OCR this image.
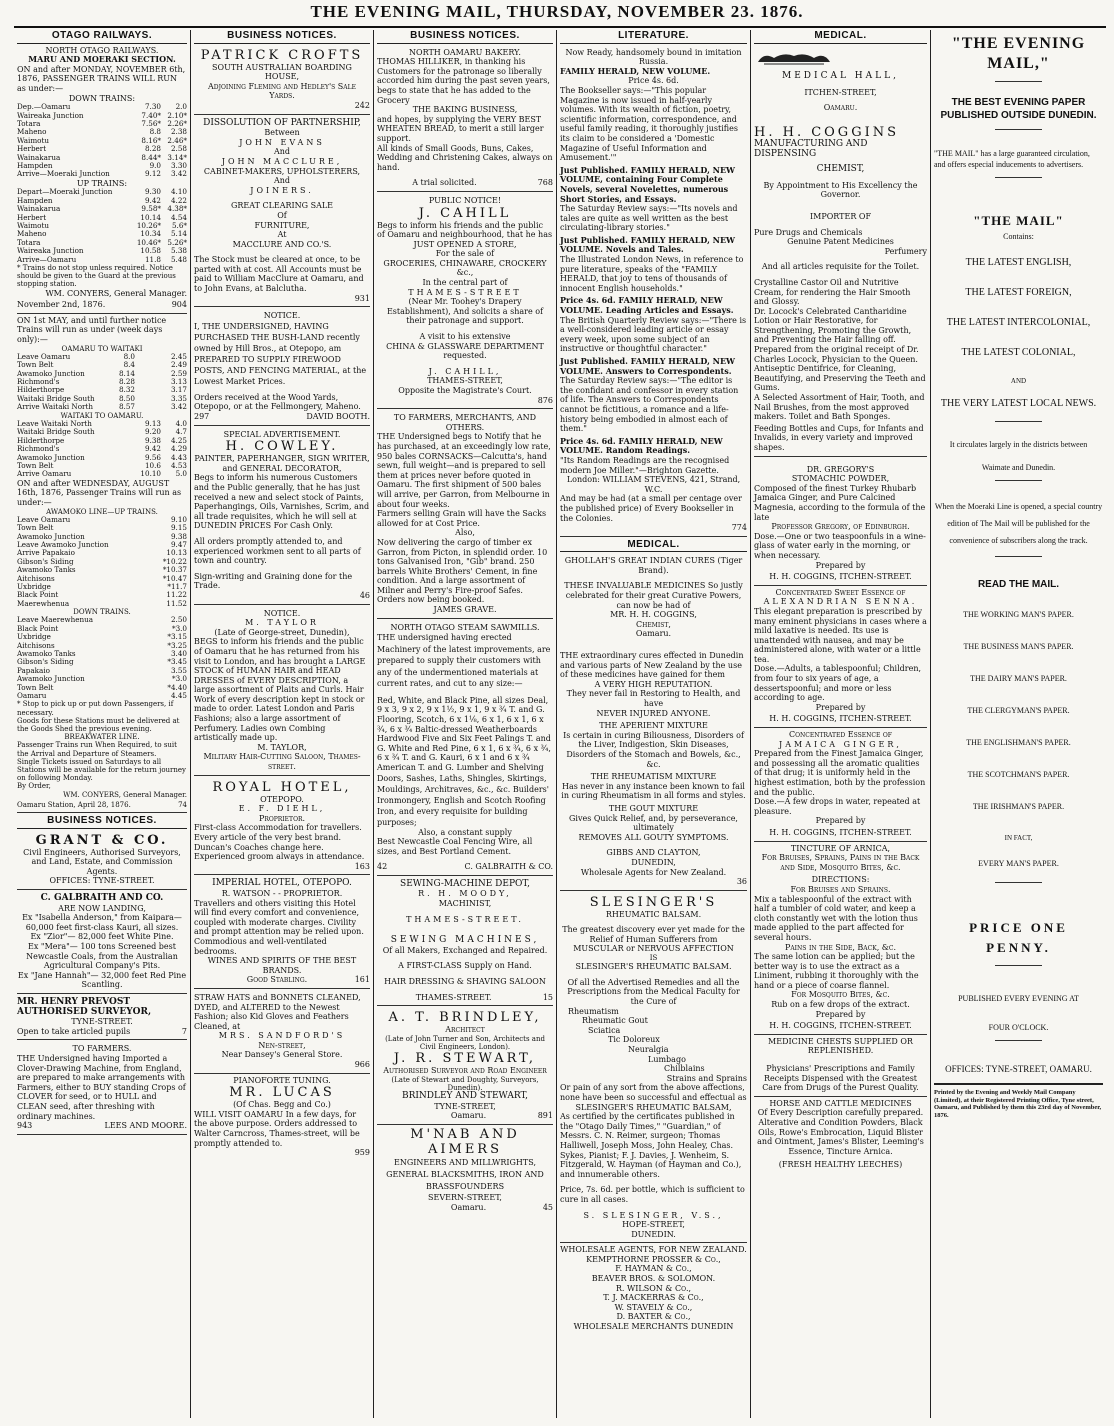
THE EVENING MAIL, THURSDAY, NOVEMBER 23. 1876.
OTAGO RAILWAYS.
NORTH OTAGO RAILWAYS.
MARU AND MOERAKI SECTION.
ON and after MONDAY, NOVEMBER 6th, 1876, PASSENGER TRAINS WILL RUN as under:—
DOWN TRAINS:
Dep.—Oamaru	7.30	2.0
Waireaka Junction	7.40*	2.10*
Totara	7.56*	2.26*
Maheno	8.8	2.38
Waimotu	8.16*	2.46*
Herbert	8.28	2.58
Wainakarua	8.44*	3.14*
Hampden	9.0	3.30
Arrive—Moeraki Junction	9.12	3.42
UP TRAINS:
Depart—Moeraki Junction	9.30	4.10
Hampden	9.42	4.22
Wainakarua	9.58*	4.38*
Herbert	10.14	4.54
Waimotu	10.26*	5.6*
Maheno	10.34	5.14
Totara	10.46*	5.26*
Waireaka Junction	10.58	5.38
Arrive—Oamaru	11.8	5.48
* Trains do not stop unless required. Notice should be given to the Guard at the previous stopping station.
WM. CONYERS, General Manager.
November 2nd, 1876.	904
ON 1st MAY, and until further notice Trains will run as under (week days only):—
OAMARU TO WAITAKI
Leave Oamaru	8.0		2.45
Town Belt	8.4		2.49
Awamoko Junction	8.14		2.59
Richmond's	8.28		3.13
Hilderthorpe	8.32		3.17
Waitaki Bridge South	8.50		3.35
Arrive Waitaki North	8.57		3.42
WAITAKI TO OAMARU.
Leave Waitaki North	9.13	4.0
Waitaki Bridge South	9.20	4.7
Hilderthorpe	9.38	4.25
Richmond's	9.42	4.29
Awamoko Junction	9.56	4.43
Town Belt	10.6	4.53
Arrive Oamaru	10.10	5.0
ON and after WEDNESDAY, AUGUST 16th, 1876, Passenger Trains will run as under:—
AWAMOKO LINE—UP TRAINS.
Leave Oamaru	9.10
Town Belt	9.15
Awamoko Junction	9.38
Leave Awamoko Junction	9.47
Arrive Papakaio	10.13
Gibson's Siding	*10.22
Awamoko Tanks	*10.37
Aitchisons	*10.47
Uxbridge	*11.7
Black Point	11.22
Maerewhenua	11.52
DOWN TRAINS.
Leave Maerewhenua	2.50
Black Point	*3.0
Uxbridge	*3.15
Aitchisons	*3.25
Awamoko Tanks	3.40
Gibson's Siding	*3.45
Papakaio	3.55
Awamoko Junction	*3.0
Town Belt	*4.40
Oamaru	4.45
* Stop to pick up or put down Passengers, if necessary.
Goods for these Stations must be delivered at the Goods Shed the previous evening.
BREAKWATER LINE.
Passenger Trains run When Required, to suit the Arrival and Departure of Steamers.
Single Tickets issued on Saturdays to all Stations will be available for the return journey on following Monday.
By Order,
WM. CONYERS, General Manager.
Oamaru Station, April 28, 1876.	74
BUSINESS NOTICES.
GRANT & CO.
Civil Engineers, Authorised Surveyors, and Land, Estate, and Commission Agents.
OFFICES: TYNE-STREET.
C. GALBRAITH AND CO.
ARE NOW LANDING,
Ex "Isabella Anderson," from Kaipara— 60,000 feet first-class Kauri, all sizes.
Ex "Zior"— 82,000 feet White Pine.
Ex "Mera"— 100 tons Screened best Newcastle Coals, from the Australian Agricultural Company's Pits.
Ex "Jane Hannah"— 32,000 feet Red Pine Scantling.
MR. HENRY PREVOST AUTHORISED SURVEYOR,
TYNE-STREET.
Open to take articled pupils	7
TO FARMERS.
THE Undersigned having Imported a Clover-Drawing Machine, from England, are prepared to make arrangements with Farmers, either to BUY standing Crops of CLOVER for seed, or to HULL and CLEAN seed, after threshing with ordinary machines.
943	LEES AND MOORE.
BUSINESS NOTICES.
PATRICK CROFTS
SOUTH AUSTRALIAN BOARDING HOUSE,
Adjoining Fleming and Hedley's Sale Yards.
242
DISSOLUTION OF PARTNERSHIP,
Between
JOHN EVANS
And
JOHN MACCLURE,
CABINET-MAKERS, UPHOLSTERERS,
And
JOINERS.
GREAT CLEARING SALE
Of
FURNITURE,
At
MACCLURE AND CO.'S.
The Stock must be cleared at once, to be parted with at cost. All Accounts must be paid to William MacClure at Oamaru, and to John Evans, at Balclutha.
931
NOTICE.
I, THE UNDERSIGNED, HAVING PURCHASED THE BUSH-LAND recently owned by Hill Bros., at Otepopo, am PREPARED TO SUPPLY FIREWOOD POSTS, AND FENCING MATERIAL, at the Lowest Market Prices.
Orders received at the Wood Yards, Otepopo, or at the Fellmongery, Maheno.
297	DAVID BOOTH.
SPECIAL ADVERTISEMENT.
H. COWLEY.
PAINTER, PAPERHANGER, SIGN WRITER, and GENERAL DECORATOR,
Begs to inform his numerous Customers and the Public generally, that he has just received a new and select stock of Paints, Paperhangings, Oils, Varnishes, Scrim, and all trade requisites, which he will sell at DUNEDIN PRICES For Cash Only.
All orders promptly attended to, and experienced workmen sent to all parts of town and country.
Sign-writing and Graining done for the Trade.
46
NOTICE.
M. TAYLOR
(Late of George-street, Dunedin),
BEGS to inform his friends and the public of Oamaru that he has returned from his visit to London, and has brought a LARGE STOCK of HUMAN HAIR and HEAD DRESSES of EVERY DESCRIPTION, a large assortment of Plaits and Curls. Hair Work of every description kept in stock or made to order. Latest London and Paris Fashions; also a large assortment of Perfumery. Ladies own Combing artistically made up.
M. TAYLOR,
Military Hair-Cutting Saloon, Thames-street.
ROYAL HOTEL,
OTEPOPO.
E. F. DIEHL,
Proprietor.
First-class Accommodation for travellers. Every article of the very best brand. Duncan's Coaches change here. Experienced groom always in attendance.
163
IMPERIAL HOTEL, OTEPOPO.
R. WATSON - - PROPRIETOR.
Travellers and others visiting this Hotel will find every comfort and convenience, coupled with moderate charges. Civility and prompt attention may be relied upon. Commodious and well-ventilated bedrooms.
WINES AND SPIRITS OF THE BEST BRANDS.
Good Stabling.	161
STRAW HATS and BONNETS CLEANED, DYED, and ALTERED to the Newest Fashion; also Kid Gloves and Feathers Cleaned, at
MRS. SANDFORD'S
Nen-street,
Near Dansey's General Store.
966
PIANOFORTE TUNING.
MR. LUCAS
(Of Chas. Begg and Co.)
WILL VISIT OAMARU In a few days, for the above purpose. Orders addressed to Walter Carncross, Thames-street, will be promptly attended to.
959
BUSINESS NOTICES.
NORTH OAMARU BAKERY.
THOMAS HILLIKER, in thanking his Customers for the patronage so liberally accorded him during the past seven years, begs to state that he has added to the Grocery
THE BAKING BUSINESS,
and hopes, by supplying the VERY BEST WHEATEN BREAD, to merit a still larger support.
All kinds of Small Goods, Buns, Cakes, Wedding and Christening Cakes, always on hand.
A trial solicited.	768
PUBLIC NOTICE!
J. CAHILL
Begs to inform his friends and the public of Oamaru and neighbourhood, that he has
JUST OPENED A STORE,
For the sale of
GROCERIES, CHINAWARE, CROCKERY &c.,
In the central part of
THAMES-STREET
(Near Mr. Toohey's Drapery Establishment), And solicits a share of their patronage and support.
A visit to his extensive
CHINA & GLASSWARE DEPARTMENT
requested.
J. CAHILL,
THAMES-STREET,
Opposite the Magistrate's Court.
876
TO FARMERS, MERCHANTS, AND OTHERS.
THE Undersigned begs to Notify that he has purchased, at an exceedingly low rate, 950 bales CORNSACKS—Calcutta's, hand sewn, full weight—and is prepared to sell them at prices never before quoted in Oamaru. The first shipment of 500 bales will arrive, per Garron, from Melbourne in about four weeks.
Farmers selling Grain will have the Sacks allowed for at Cost Price.
Also,
Now delivering the cargo of timber ex Garron, from Picton, in splendid order. 10 tons Galvanised Iron, "Gib" brand. 250 barrels White Brothers' Cement, in fine condition. And a large assortment of Milner and Perry's Fire-proof Safes. Orders now being booked.
JAMES GRAVE.
NORTH OTAGO STEAM SAWMILLS.
THE undersigned having erected Machinery of the latest improvements, are prepared to supply their customers with any of the undermentioned materials at current rates, and cut to any size:—
Red, White, and Black Pine, all sizes Deal, 9 x 3, 9 x 2, 9 x 1½, 9 x 1, 9 x ¾ T. and G. Flooring, Scotch, 6 x 1⅛, 6 x 1, 6 x 1, 6 x ¾, 6 x ¾ Baltic-dressed Weatherboards Hardwood Five and Six Feet Palings T. and G. White and Red Pine, 6 x 1, 6 x ¾, 6 x ¾, 6 x ¾ T. and G. Kauri, 6 x 1 and 6 x ¾ American T. and G. Lumber and Shelving
Doors, Sashes, Laths, Shingles, Skirtings, Mouldings, Architraves, &c., &c. Builders' Ironmongery, English and Scotch Roofing Iron, and every requisite for building purposes;
Also, a constant supply
Best Newcastle Coal Fencing Wire, all sizes, and Best Portland Cement.
42	C. GALBRAITH & CO.
SEWING-MACHINE DEPOT,
R. H. MOODY,
MACHINIST,
THAMES-STREET.
SEWING MACHINES,
Of all Makers, Exchanged and Repaired.
A FIRST-CLASS Supply on Hand.
HAIR DRESSING & SHAVING SALOON
THAMES-STREET.	15
A. T. BRINDLEY,
Architect
(Late of John Turner and Son, Architects and Civil Engineers, London).
J. R. STEWART,
Authorised Surveyor and Road Engineer
(Late of Stewart and Doughty, Surveyors, Dunedin).
BRINDLEY AND STEWART,
TYNE-STREET,
Oamaru.	891
M'NAB AND AIMERS
ENGINEERS AND MILLWRIGHTS, GENERAL BLACKSMITHS, IRON AND BRASSFOUNDERS
SEVERN-STREET,
Oamaru.	45
LITERATURE.
Now Ready, handsomely bound in imitation Russia.
FAMILY HERALD, NEW VOLUME.
Price 4s. 6d.
The Bookseller says:—"This popular Magazine is now issued in half-yearly volumes. With its wealth of fiction, poetry, scientific information, correspondence, and useful family reading, it thoroughly justifies its claim to be considered a 'Domestic Magazine of Useful Information and Amusement.'"
Just Published. FAMILY HERALD, NEW VOLUME, containing Four Complete Novels, several Novelettes, numerous Short Stories, and Essays.
The Saturday Review says:—"Its novels and tales are quite as well written as the best circulating-library stories."
Just Published. FAMILY HERALD, NEW VOLUME. Novels and Tales.
The Illustrated London News, in reference to pure literature, speaks of the "FAMILY HERALD, that joy to tens of thousands of innocent English households."
Price 4s. 6d. FAMILY HERALD, NEW VOLUME. Leading Articles and Essays.
The British Quarterly Review says:—"There is a well-considered leading article or essay every week, upon some subject of an instructive or thoughtful character."
Just Published. FAMILY HERALD, NEW VOLUME. Answers to Correspondents.
The Saturday Review says:—"The editor is the confidant and confessor in every station of life. The Answers to Correspondents cannot be fictitious, a romance and a life-history being embodied in almost each of them."
Price 4s. 6d. FAMILY HERALD, NEW VOLUME. Random Readings.
"Its Random Readings are the recognised modern Joe Miller."—Brighton Gazette.
London: WILLIAM STEVENS, 421, Strand, W.C.
And may be had (at a small per centage over the published price) of Every Bookseller in the Colonies.
774
MEDICAL.
GHOLLAH'S GREAT INDIAN CURES (Tiger Brand).
THESE INVALUABLE MEDICINES So justly celebrated for their great Curative Powers, can now be had of
MR. H. H. COGGINS,
Chemist,
Oamaru.
THE extraordinary cures effected in Dunedin and various parts of New Zealand by the use of these medicines have gained for them
A VERY HIGH REPUTATION.
They never fail in Restoring to Health, and have
NEVER INJURED ANYONE.
THE APERIENT MIXTURE
Is certain in curing Biliousness, Disorders of the Liver, Indigestion, Skin Diseases, Disorders of the Stomach and Bowels, &c., &c.
THE RHEUMATISM MIXTURE
Has never in any instance been known to fail in curing Rheumatism in all forms and styles.
THE GOUT MIXTURE
Gives Quick Relief, and, by perseverance, ultimately
REMOVES ALL GOUTY SYMPTOMS.
GIBBS AND CLAYTON,
DUNEDIN,
Wholesale Agents for New Zealand.
36
SLESINGER'S
RHEUMATIC BALSAM.
The greatest discovery ever yet made for the Relief of Human Sufferers from
MUSCULAR or NERVOUS AFFECTION
IS
SLESINGER'S RHEUMATIC BALSAM.
Of all the Advertised Remedies and all the Prescriptions from the Medical Faculty for the Cure of
Rheumatism
Rheumatic Gout
Sciatica
Tic Doloreux
Neuralgia
Lumbago
Chilblains
Strains and Sprains
Or pain of any sort from the above affections, none have been so successful and effectual as
SLESINGER'S RHEUMATIC BALSAM,
As certified by the certificates published in the "Otago Daily Times," "Guardian," of Messrs. C. N. Reimer, surgeon; Thomas Halliwell, Joseph Moss, John Healey, Chas. Sykes, Pianist; F. J. Davies, J. Wenheim, S. Fitzgerald, W. Hayman (of Hayman and Co.), and innumerable others.
Price, 7s. 6d. per bottle, which is sufficient to cure in all cases.
S. SLESINGER, V.S.,
HOPE-STREET,
DUNEDIN.
WHOLESALE AGENTS, FOR NEW ZEALAND.
KEMPTHORNE PROSSER & Co.,
F. HAYMAN & Co.,
BEAVER BROS. & SOLOMON.
R. WILSON & Co.,
T. J. MACKERRAS & Co.,
W. STAVELY & Co.,
D. BAXTER & Co.,
WHOLESALE MERCHANTS DUNEDIN
MEDICAL.
MEDICAL HALL,
ITCHEN-STREET,
Oamaru.
H. H. COGGINS
MANUFACTURING AND DISPENSING
CHEMIST,
By Appointment to His Excellency the Governor.
IMPORTER OF
Pure Drugs and Chemicals
Genuine Patent Medicines
Perfumery
And all articles requisite for the Toilet.
Crystalline Castor Oil and Nutritive Cream, for rendering the Hair Smooth and Glossy.
Dr. Locock's Celebrated Cantharidine Lotion or Hair Restorative, for Strengthening, Promoting the Growth, and Preventing the Hair falling off. Prepared from the original receipt of Dr. Charles Locock, Physician to the Queen.
Antiseptic Dentifrice, for Cleaning, Beautifying, and Preserving the Teeth and Gums.
A Selected Assortment of Hair, Tooth, and Nail Brushes, from the most approved makers. Toilet and Bath Sponges.
Feeding Bottles and Cups, for Infants and Invalids, in every variety and improved shapes.
DR. GREGORY'S
STOMACHIC POWDER,
Composed of the finest Turkey Rhubarb Jamaica Ginger, and Pure Calcined Magnesia, according to the formula of the late
Professor Gregory, of Edinburgh.
Dose.—One or two teaspoonfuls in a wine-glass of water early in the morning, or when necessary.
Prepared by
H. H. COGGINS, ITCHEN-STREET.
Concentrated Sweet Essence of
ALEXANDRIAN SENNA.
This elegant preparation is prescribed by many eminent physicians in cases where a mild laxative is needed. Its use is unattended with nausea, and may be administered alone, with water or a little tea.
Dose.—Adults, a tablespoonful; Children, from four to six years of age, a dessertspoonful; and more or less according to age.
Prepared by
H. H. COGGINS, ITCHEN-STREET.
Concentrated Essence of
JAMAICA GINGER,
Prepared from the Finest Jamaica Ginger, and possessing all the aromatic qualities of that drug; it is uniformly held in the highest estimation, both by the profession and the public.
Dose.—A few drops in water, repeated at pleasure.
Prepared by
H. H. COGGINS, ITCHEN-STREET.
TINCTURE OF ARNICA,
For Bruises, Sprains, Pains in the Back and Side, Mosquito Bites, &c.
DIRECTIONS:
For Bruises and Sprains.
Mix a tablespoonful of the extract with half a tumbler of cold water, and keep a cloth constantly wet with the lotion thus made applied to the part affected for several hours.
Pains in the Side, Back, &c.
The same lotion can be applied; but the better way is to use the extract as a Liniment, rubbing it thoroughly with the hand or a piece of coarse flannel.
For Mosquito Bites, &c.
Rub on a few drops of the extract.
Prepared by
H. H. COGGINS, ITCHEN-STREET.
MEDICINE CHESTS SUPPLIED OR REPLENISHED.
Physicians' Prescriptions and Family Receipts Dispensed with the Greatest Care from Drugs of the Purest Quality.
HORSE AND CATTLE MEDICINES
Of Every Description carefully prepared. Alterative and Condition Powders, Black Oils, Rowe's Embrocation, Liquid Blister and Ointment, James's Blister, Leeming's Essence, Tincture Arnica.
(FRESH HEALTHY LEECHES)

"THE EVENING MAIL,"

THE BEST EVENING PAPER PUBLISHED OUTSIDE DUNEDIN.

"THE MAIL" has a large guaranteed circulation, and offers especial inducements to advertisers.

"THE MAIL"

Contains:

THE LATEST ENGLISH,

THE LATEST FOREIGN,

THE LATEST INTERCOLONIAL,

THE LATEST COLONIAL,

AND

THE VERY LATEST LOCAL NEWS.

It circulates largely in the districts between

Waimate and Dunedin.

When the Moeraki Line is opened, a special country edition of The Mail will be published for the convenience of subscribers along the track.

READ THE MAIL.

THE WORKING MAN'S PAPER.

THE BUSINESS MAN'S PAPER.

THE DAIRY MAN'S PAPER.

THE CLERGYMAN'S PAPER.

THE ENGLISHMAN'S PAPER.

THE SCOTCHMAN'S PAPER.

THE IRISHMAN'S PAPER.

IN FACT,

EVERY MAN'S PAPER.

PRICE ONE PENNY.

PUBLISHED EVERY EVENING AT

FOUR O'CLOCK.

OFFICES: TYNE-STREET, OAMARU.

Printed by the Evening and Weekly Mail Company (Limited), at their Registered Printing Office, Tyne street, Oamaru, and Published by them this 23rd day of November, 1876.
